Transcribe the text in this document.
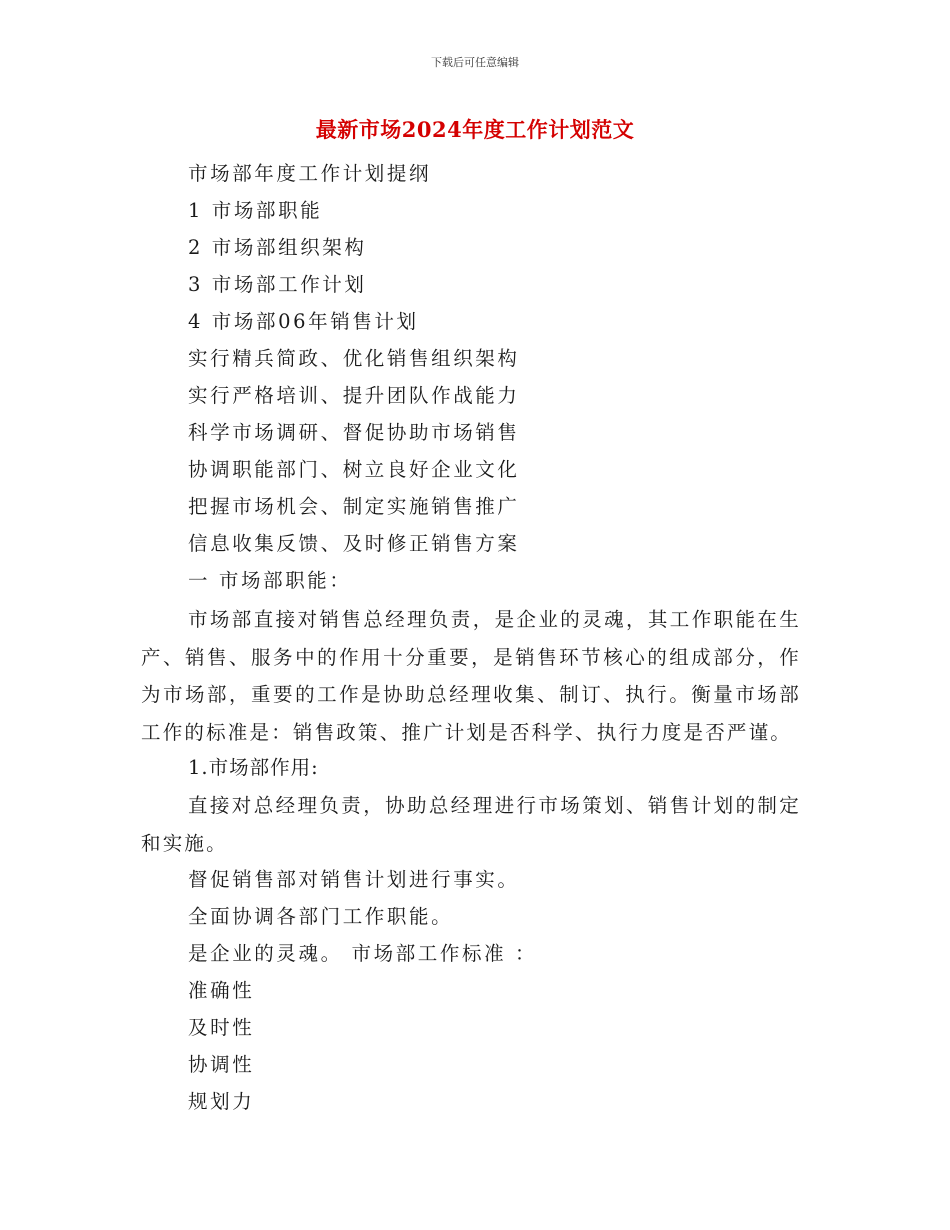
下载后可任意编辑
最新市场2024年度工作计划范文
市场部年度工作计划提纲
1 市场部职能
2 市场部组织架构
3 市场部工作计划
4 市场部06年销售计划
实行精兵简政、优化销售组织架构
实行严格培训、提升团队作战能力
科学市场调研、督促协助市场销售
协调职能部门、树立良好企业文化
把握市场机会、制定实施销售推广
信息收集反馈、及时修正销售方案
一 市场部职能：
市场部直接对销售总经理负责，是企业的灵魂，其工作职能在生产、销售、服务中的作用十分重要，是销售环节核心的组成部分，作为市场部，重要的工作是协助总经理收集、制订、执行。衡量市场部工作的标准是：销售政策、推广计划是否科学、执行力度是否严谨。
1.市场部作用:
直接对总经理负责，协助总经理进行市场策划、销售计划的制定和实施。
督促销售部对销售计划进行事实。
全面协调各部门工作职能。
是企业的灵魂。 市场部工作标准 ：
准确性
及时性
协调性
规划力
